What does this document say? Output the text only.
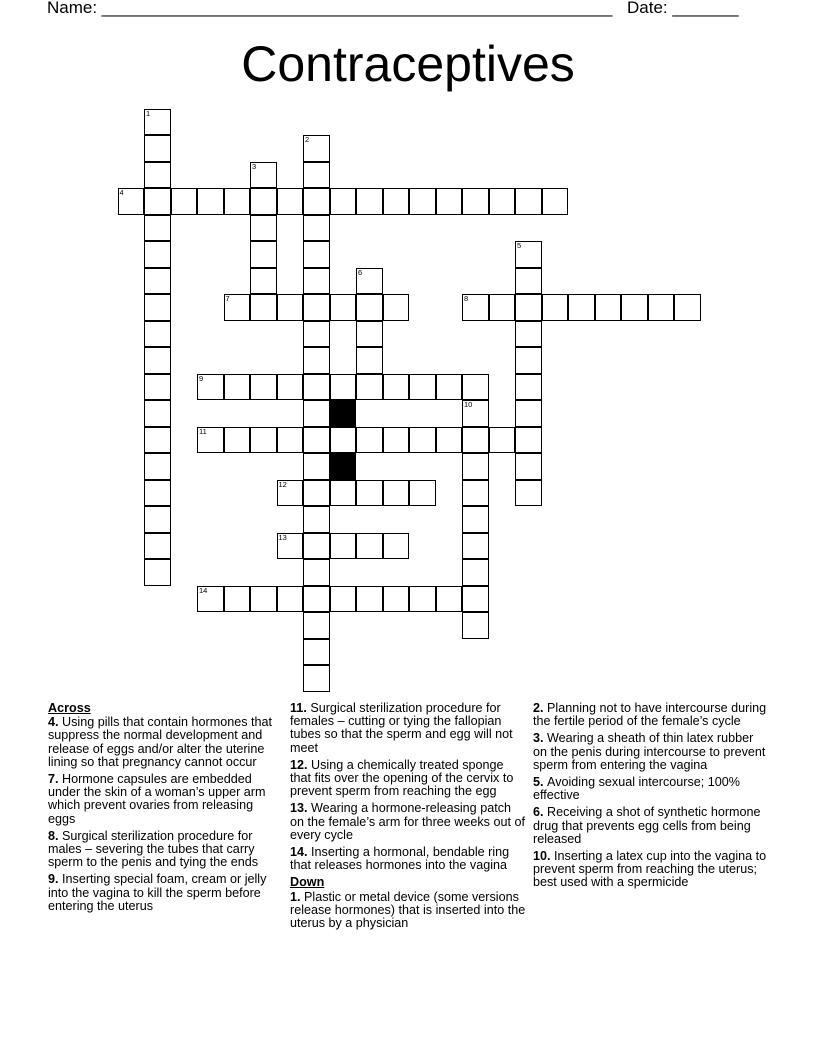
Name: ______________________________________________________ Date: _______
Contraceptives
1
2
3
4
5
6
7	8
9
10
11
12
13
14
Across
4. Using pills that contain hormones that suppress the normal development and release of eggs and/or alter the uterine lining so that pregnancy cannot occur
7. Hormone capsules are embedded under the skin of a woman’s upper arm which prevent ovaries from releasing eggs
8. Surgical sterilization procedure for males – severing the tubes that carry sperm to the penis and tying the ends
9. Inserting special foam, cream or jelly into the vagina to kill the sperm before entering the uterus
11. Surgical sterilization procedure for females – cutting or tying the fallopian tubes so that the sperm and egg will not meet
12. Using a chemically treated sponge that fits over the opening of the cervix to prevent sperm from reaching the egg
13. Wearing a hormone-releasing patch on the female’s arm for three weeks out of every cycle
14. Inserting a hormonal, bendable ring that releases hormones into the vagina
Down
1. Plastic or metal device (some versions release hormones) that is inserted into the uterus by a physician
2. Planning not to have intercourse during the fertile period of the female’s cycle
3. Wearing a sheath of thin latex rubber on the penis during intercourse to prevent sperm from entering the vagina
5. Avoiding sexual intercourse; 100% effective
6. Receiving a shot of synthetic hormone drug that prevents egg cells from being released
10. Inserting a latex cup into the vagina to prevent sperm from reaching the uterus; best used with a spermicide
